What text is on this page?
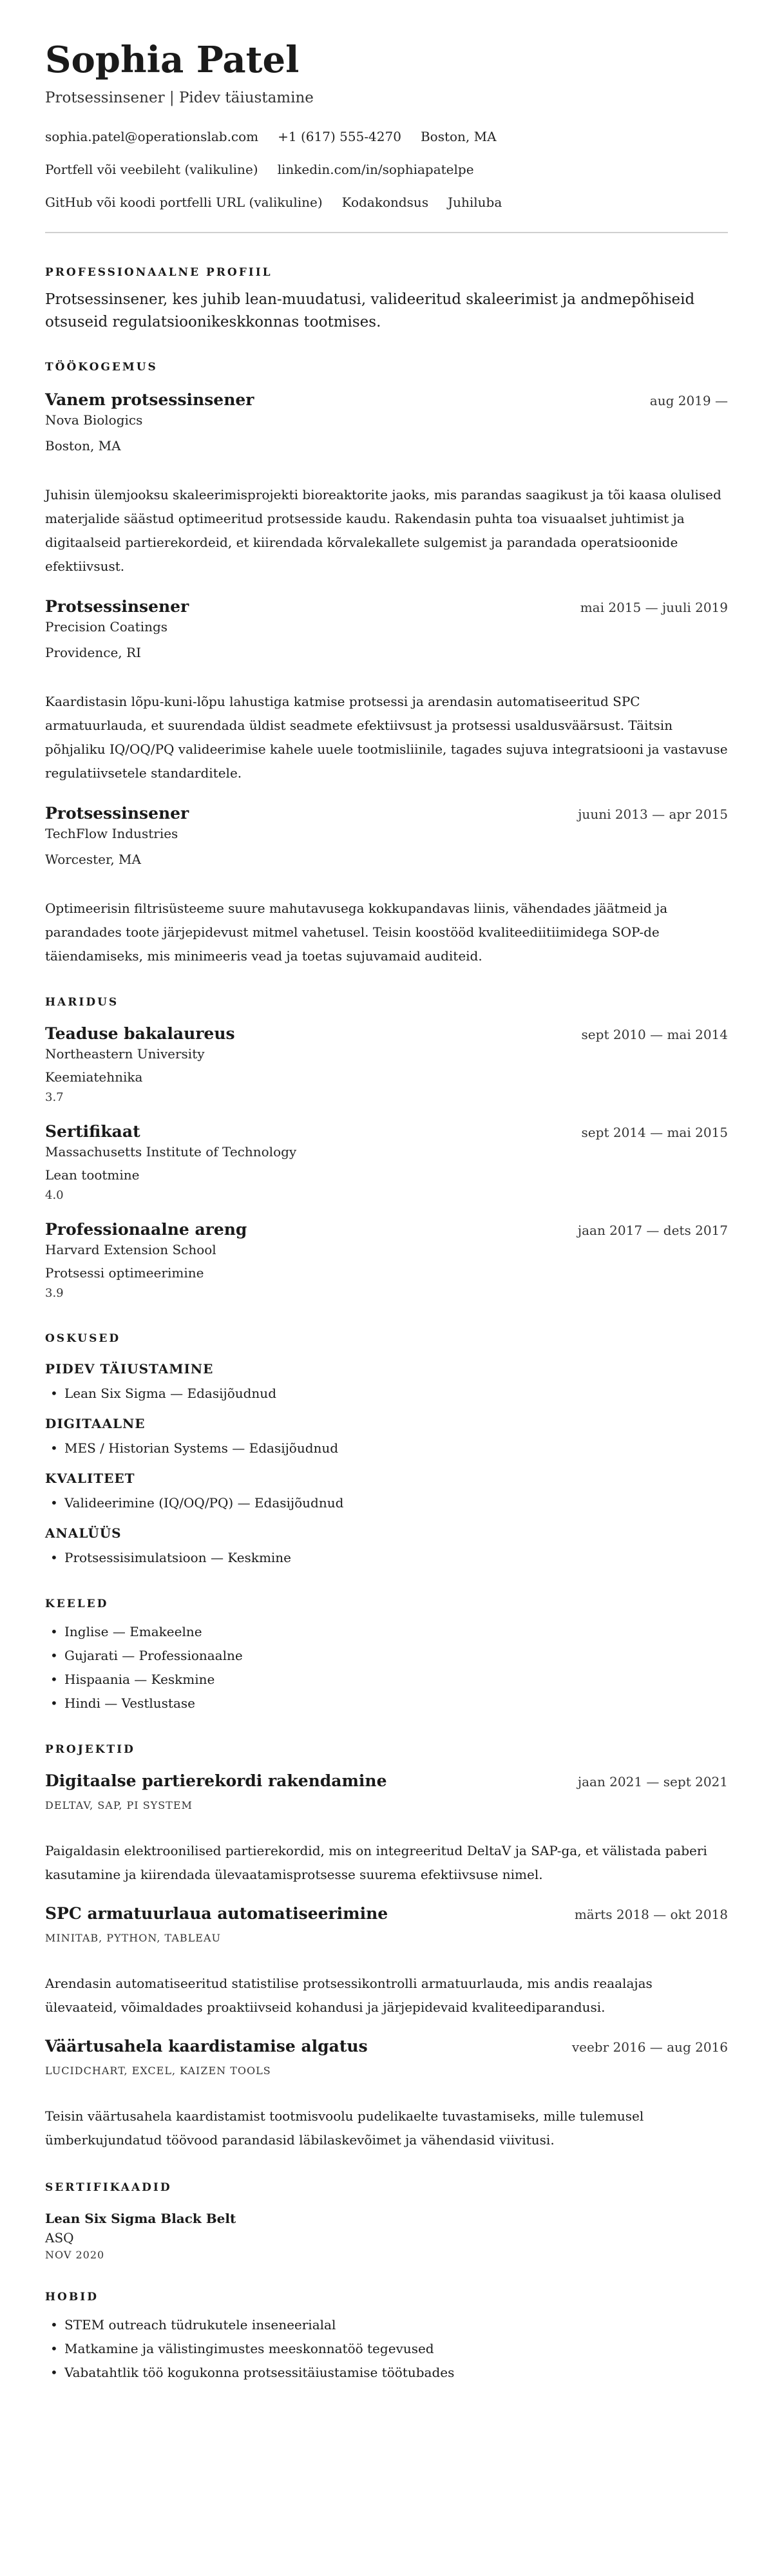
Sophia Patel
Protsessinsener | Pidev täiustamine
sophia.patel@operationslab.com +1 (617) 555-4270 Boston, MA
Portfell või veebileht (valikuline) linkedin.com/in/sophiapatelpe
GitHub või koodi portfelli URL (valikuline) Kodakondsus Juhiluba
PROFESSIONAALNE PROFIIL
Protsessinsener, kes juhib lean-muudatusi, valideeritud skaleerimist ja andmepõhiseid otsuseid regulatsioonikeskkonnas tootmises.
TÖÖKOGEMUS
Vanem protsessinsener	aug 2019 —
Nova Biologics
Boston, MA
Juhisin ülemjooksu skaleerimisprojekti bioreaktorite jaoks, mis parandas saagikust ja tõi kaasa olulised materjalide säästud optimeeritud protsesside kaudu. Rakendasin puhta toa visuaalset juhtimist ja digitaalseid partierekordeid, et kiirendada kõrvalekallete sulgemist ja parandada operatsioonide efektiivsust.
Protsessinsener	mai 2015 — juuli 2019
Precision Coatings
Providence, RI
Kaardistasin lõpu-kuni-lõpu lahustiga katmise protsessi ja arendasin automatiseeritud SPC armatuurlauda, et suurendada üldist seadmete efektiivsust ja protsessi usaldusväärsust. Täitsin põhjaliku IQ/OQ/PQ valideerimise kahele uuele tootmisliinile, tagades sujuva integratsiooni ja vastavuse regulatiivsetele standarditele.
Protsessinsener	juuni 2013 — apr 2015
TechFlow Industries
Worcester, MA
Optimeerisin filtrisüsteeme suure mahutavusega kokkupandavas liinis, vähendades jäätmeid ja parandades toote järjepidevust mitmel vahetusel. Teisin koostööd kvaliteediitiimidega SOP-de täiendamiseks, mis minimeeris vead ja toetas sujuvamaid auditeid.
HARIDUS
Teaduse bakalaureus	sept 2010 — mai 2014
Northeastern University
Keemiatehnika
3.7
Sertifikaat	sept 2014 — mai 2015
Massachusetts Institute of Technology
Lean tootmine
4.0
Professionaalne areng	jaan 2017 — dets 2017
Harvard Extension School
Protsessi optimeerimine
3.9
OSKUSED
PIDEV TÄIUSTAMINE
• Lean Six Sigma — Edasijõudnud
DIGITAALNE
• MES / Historian Systems — Edasijõudnud
KVALITEET
• Valideerimine (IQ/OQ/PQ) — Edasijõudnud
ANALÜÜS
• Protsessisimulatsioon — Keskmine
KEELED
• Inglise — Emakeelne
• Gujarati — Professionaalne
• Hispaania — Keskmine
• Hindi — Vestlustase
PROJEKTID
Digitaalse partierekordi rakendamine	jaan 2021 — sept 2021
DELTAV, SAP, PI SYSTEM
Paigaldasin elektroonilised partierekordid, mis on integreeritud DeltaV ja SAP-ga, et välistada paberi kasutamine ja kiirendada ülevaatamisprotsesse suurema efektiivsuse nimel.
SPC armatuurlaua automatiseerimine	märts 2018 — okt 2018
MINITAB, PYTHON, TABLEAU
Arendasin automatiseeritud statistilise protsessikontrolli armatuurlauda, mis andis reaalajas ülevaateid, võimaldades proaktiivseid kohandusi ja järjepidevaid kvaliteediparandusi.
Väärtusahela kaardistamise algatus	veebr 2016 — aug 2016
LUCIDCHART, EXCEL, KAIZEN TOOLS
Teisin väärtusahela kaardistamist tootmisvoolu pudelikaelte tuvastamiseks, mille tulemusel ümberkujundatud töövood parandasid läbilaskevõimet ja vähendasid viivitusi.
SERTIFIKAADID
Lean Six Sigma Black Belt
ASQ
NOV 2020
HOBID
• STEM outreach tüdrukutele inseneerialal
• Matkamine ja välistingimustes meeskonnatöö tegevused
• Vabatahtlik töö kogukonna protsessitäiustamise töötubades
